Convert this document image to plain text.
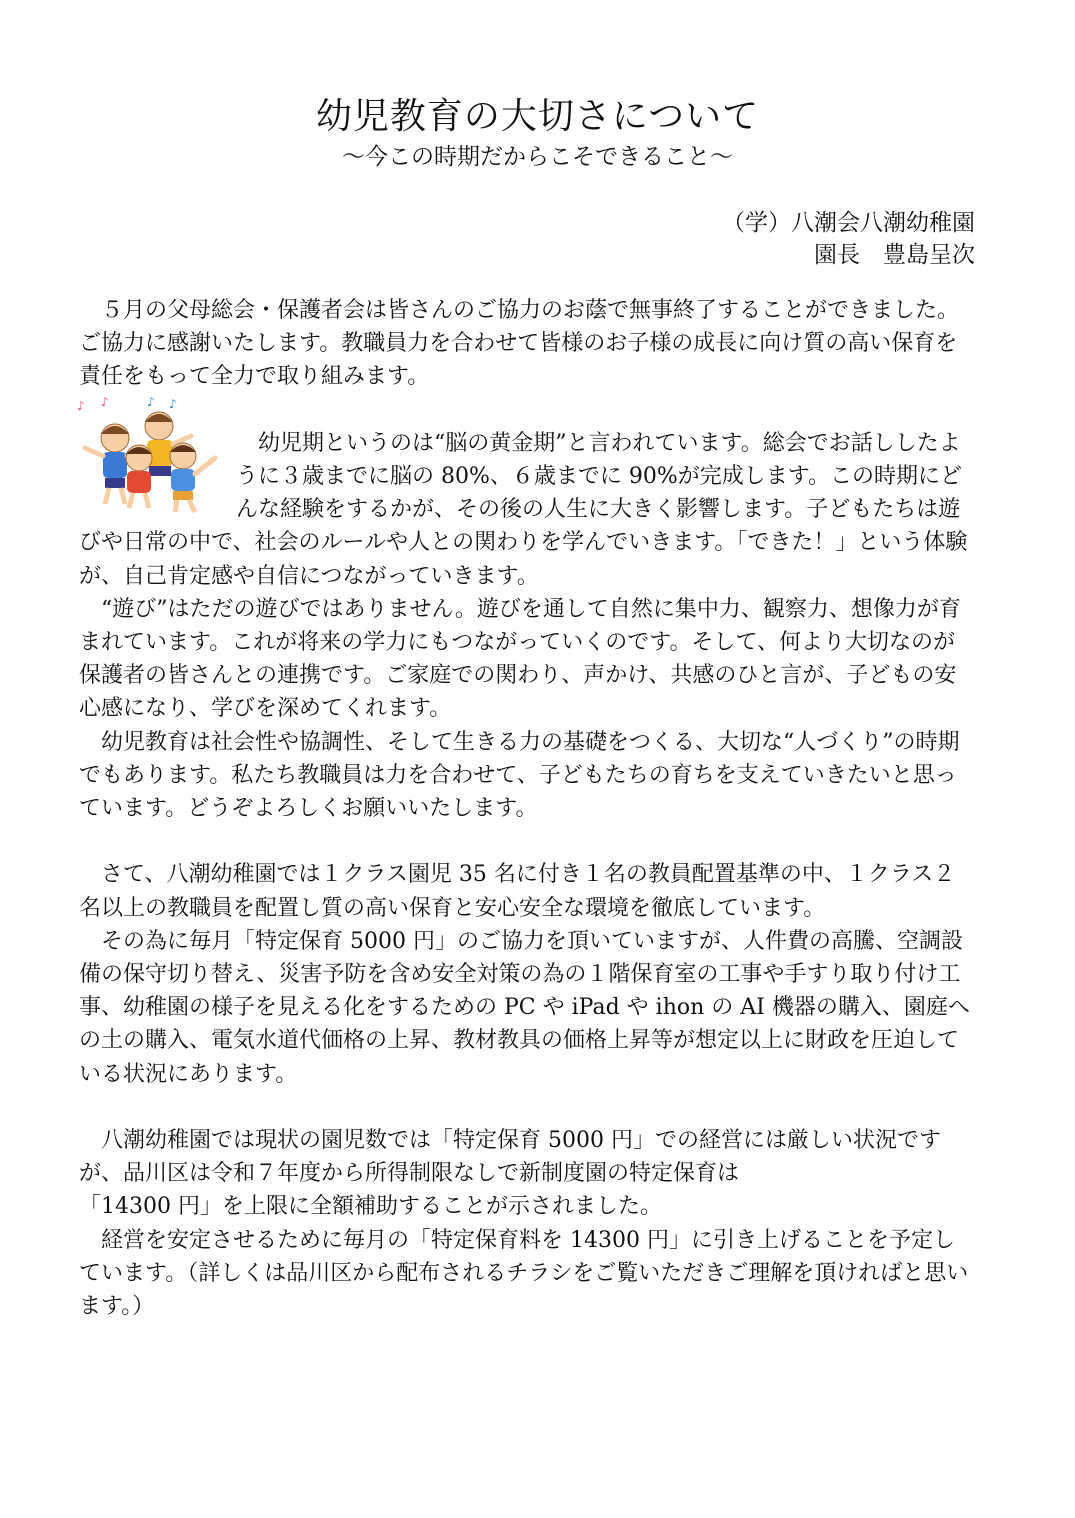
幼児教育の大切さについて
～今この時期だからこそできること～
（学）八潮会八潮幼稚園
園長　豊島呈次

５月の父母総会・保護者会は皆さんのご協力のお蔭で無事終了することができました。ご協力に感謝いたします。教職員力を合わせて皆様のお子様の成長に向け質の高い保育を責任をもって全力で取り組みます。

♪ ♪	♪ ♪

幼児期というのは“脳の黄金期”と言われています。総会でお話ししたように３歳までに脳の 80%、６歳までに 90%が完成します。この時期にどんな経験をするかが、その後の人生に大きく影響します。子どもたちは遊びや日常の中で、社会のルールや人との関わりを学んでいきます。「できた！」という体験が、自己肯定感や自信につながっていきます。

“遊び”はただの遊びではありません。遊びを通して自然に集中力、観察力、想像力が育まれています。これが将来の学力にもつながっていくのです。そして、何より大切なのが保護者の皆さんとの連携です。ご家庭での関わり、声かけ、共感のひと言が、子どもの安心感になり、学びを深めてくれます。

幼児教育は社会性や協調性、そして生きる力の基礎をつくる、大切な“人づくり”の時期でもあります。私たち教職員は力を合わせて、子どもたちの育ちを支えていきたいと思っています。どうぞよろしくお願いいたします。

さて、八潮幼稚園では１クラス園児 35 名に付き１名の教員配置基準の中、１クラス２名以上の教職員を配置し質の高い保育と安心安全な環境を徹底しています。

その為に毎月「特定保育 5000 円」のご協力を頂いていますが、人件費の高騰、空調設備の保守切り替え、災害予防を含め安全対策の為の１階保育室の工事や手すり取り付け工事、幼稚園の様子を見える化をするための PC や iPad や ihon の AI 機器の購入、園庭への土の購入、電気水道代価格の上昇、教材教具の価格上昇等が想定以上に財政を圧迫している状況にあります。

八潮幼稚園では現状の園児数では「特定保育 5000 円」での経営には厳しい状況ですが、品川区は令和７年度から所得制限なしで新制度園の特定保育は

「14300 円」を上限に全額補助することが示されました。

経営を安定させるために毎月の「特定保育料を 14300 円」に引き上げることを予定しています。（詳しくは品川区から配布されるチラシをご覧いただきご理解を頂ければと思います。）
